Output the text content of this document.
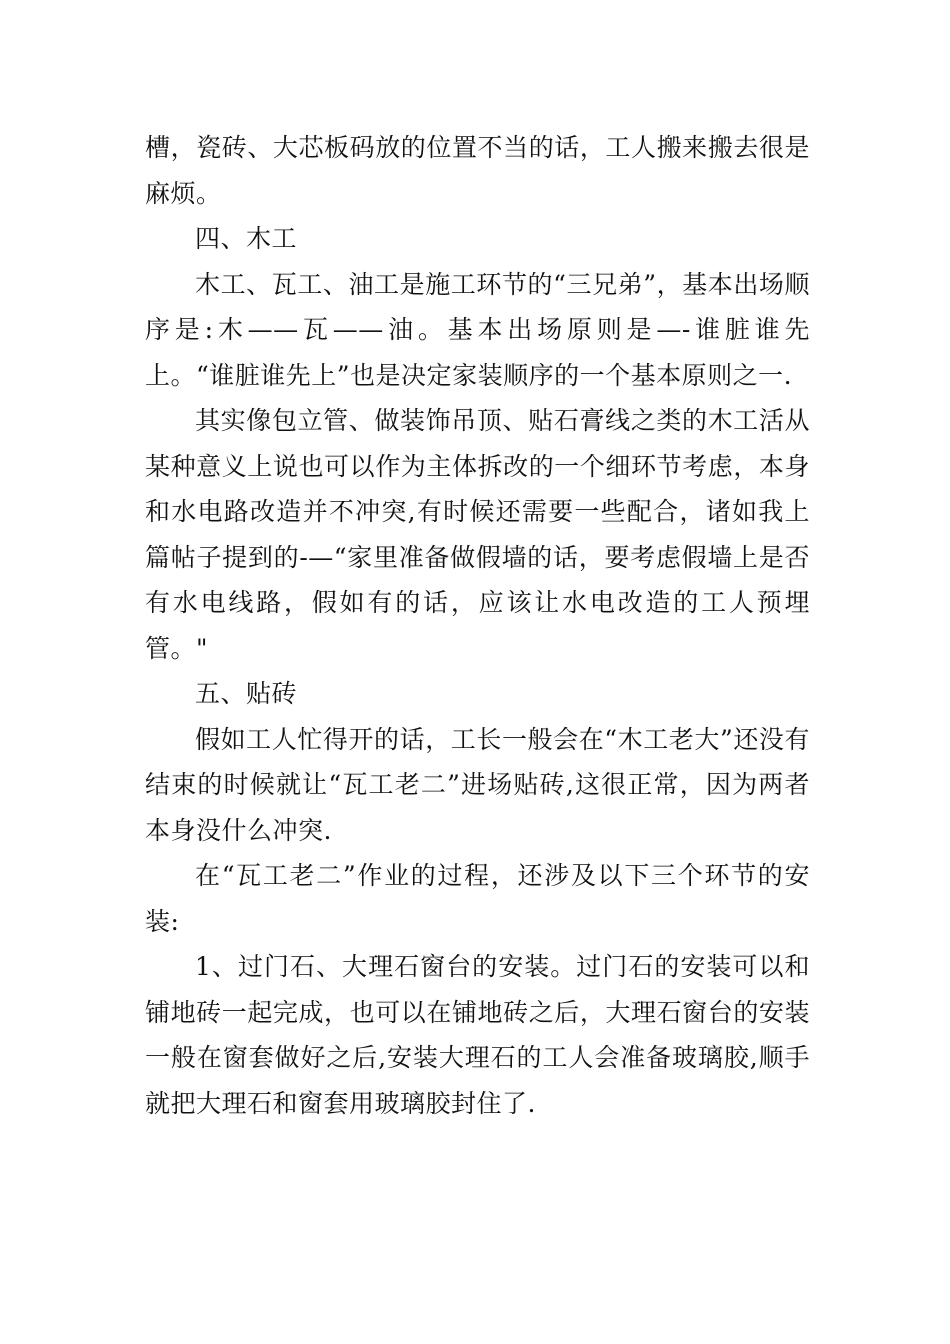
槽，瓷砖、大芯板码放的位置不当的话，工人搬来搬去很是麻烦。

四、木工

木工、瓦工、油工是施工环节的“三兄弟”，基本出场顺序是:木——瓦——油。基本出场原则是—-谁脏谁先上。“谁脏谁先上”也是决定家装顺序的一个基本原则之一.

其实像包立管、做装饰吊顶、贴石膏线之类的木工活从某种意义上说也可以作为主体拆改的一个细环节考虑，本身和水电路改造并不冲突,有时候还需要一些配合，诸如我上篇帖子提到的-—“家里准备做假墙的话，要考虑假墙上是否有水电线路，假如有的话，应该让水电改造的工人预埋管。"

五、贴砖

假如工人忙得开的话，工长一般会在“木工老大”还没有结束的时候就让“瓦工老二”进场贴砖,这很正常，因为两者本身没什么冲突.

在“瓦工老二”作业的过程，还涉及以下三个环节的安装:

1、过门石、大理石窗台的安装。过门石的安装可以和铺地砖一起完成，也可以在铺地砖之后，大理石窗台的安装一般在窗套做好之后,安装大理石的工人会准备玻璃胶,顺手就把大理石和窗套用玻璃胶封住了.
